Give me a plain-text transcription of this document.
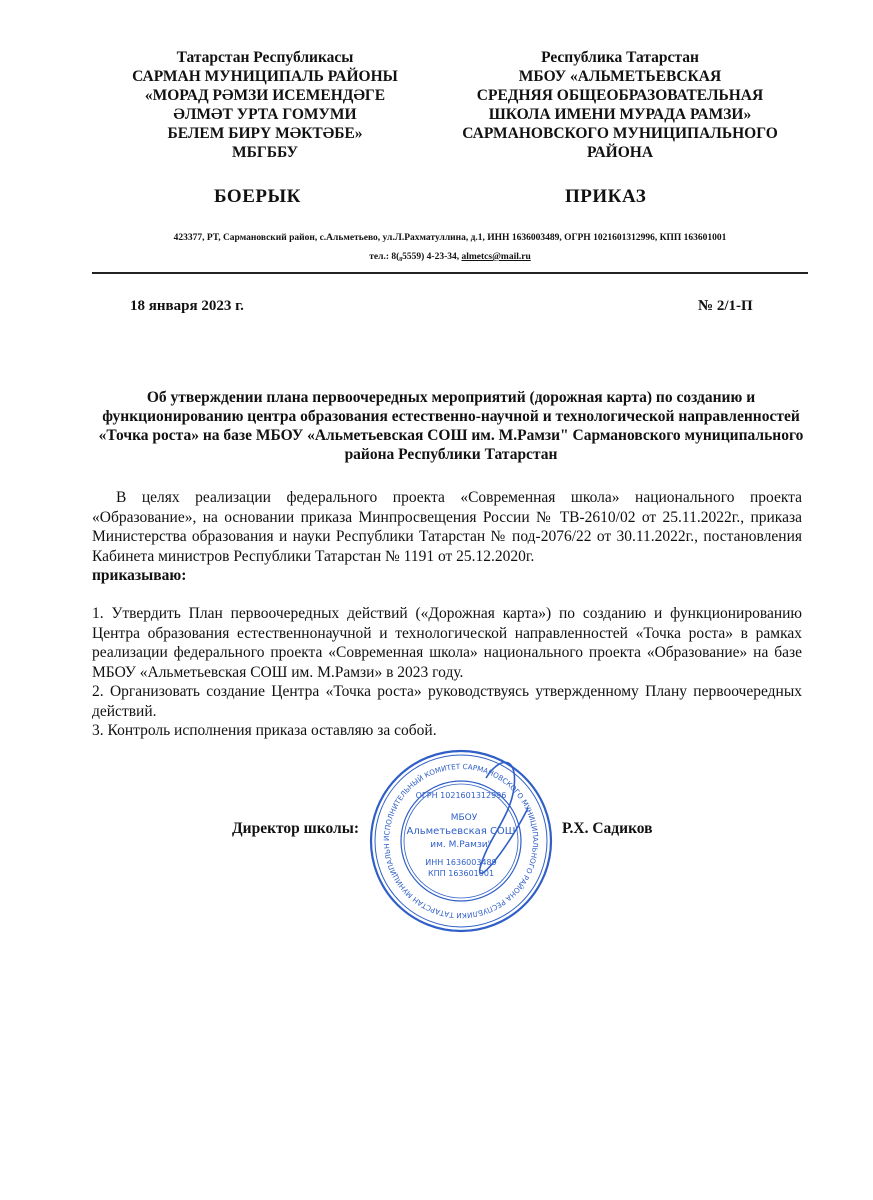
Татарстан Республикасы
САРМАН МУНИЦИПАЛЬ РАЙОНЫ
«МОРАД РӘМЗИ ИСЕМЕНДӘГЕ
ӘЛМӘТ УРТА ГОМУМИ
БЕЛЕМ БИРҮ МӘКТӘБЕ»
МБГББУ
БОЕРЫК
Республика Татарстан
МБОУ «АЛЬМЕТЬЕВСКАЯ
СРЕДНЯЯ ОБЩЕОБРАЗОВАТЕЛЬНАЯ
ШКОЛА ИМЕНИ МУРАДА РАМЗИ»
САРМАНОВСКОГО МУНИЦИПАЛЬНОГО
РАЙОНА
ПРИКАЗ
423377, РТ, Сармановский район, с.Альметьево, ул.Л.Рахматуллина, д.1, ИНН 1636003489, ОГРН 1021601312996, КПП 163601001
тел.: 8(₈5559) 4-23-34, almetcs@mail.ru
18 января 2023 г.	№ 2/1-П
Об утверждении плана первоочередных мероприятий (дорожная карта) по созданию и функционированию центра образования естественно-научной и технологической направленностей «Точка роста» на базе МБОУ «Альметьевская СОШ им. М.Рамзи" Сармановского муниципального района Республики Татарстан

В целях реализации федерального проекта «Современная школа» национального проекта «Образование», на основании приказа Минпросвещения России № ТВ-2610/02 от 25.11.2022г., приказа Министерства образования и науки Республики Татарстан № под-2076/22 от 30.11.2022г., постановления Кабинета министров Республики Татарстан № 1191 от 25.12.2020г.

приказываю:

1. Утвердить План первоочередных действий («Дорожная карта») по созданию и функционированию Центра образования естественнонаучной и технологической направленностей «Точка роста» в рамках реализации федерального проекта «Современная школа» национального проекта «Образование» на базе МБОУ «Альметьевская СОШ им. М.Рамзи» в 2023 году.

2. Организовать создание Центра «Точка роста» руководствуясь утвержденному Плану первоочередных действий.

3. Контроль исполнения приказа оставляю за собой.

ИСПОЛНИТЕЛЬНЫЙ КОМИТЕТ САРМАНОВСКОГО МУНИЦИПАЛЬНОГО РАЙОНА РЕСПУБЛИКИ ТАТАРСТАН МУНИЦИПАЛЬН
ОГРН 1021601312996
МБОУ
Альметьевская СОШ
им. М.Рамзи"
ИНН 1636003489
КПП 163601001
Директор школы:	Р.Х. Садиков
